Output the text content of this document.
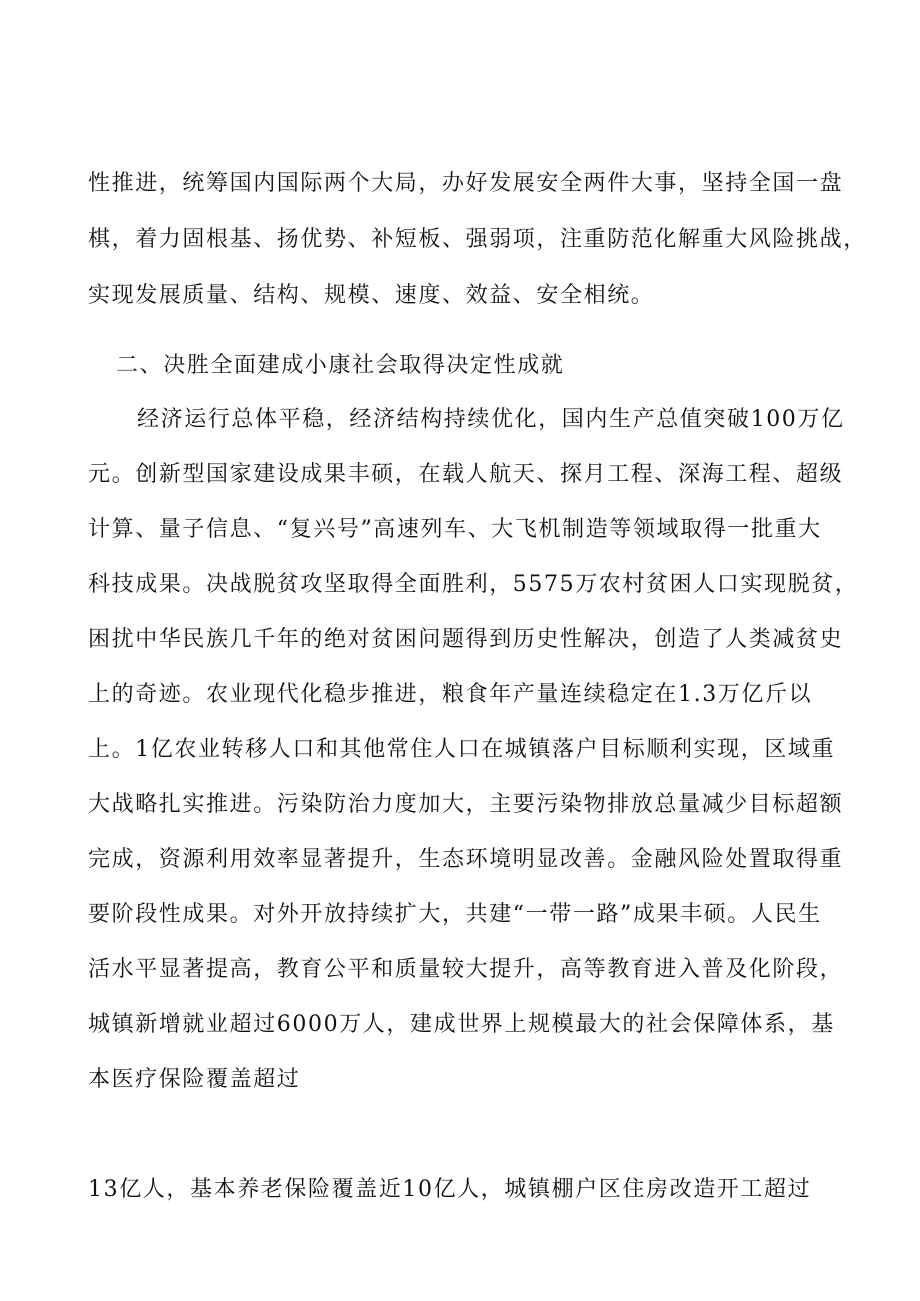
性推进，统筹国内国际两个大局，办好发展安全两件大事，坚持全国一盘
棋，着力固根基、扬优势、补短板、强弱项，注重防范化解重大风险挑战，
实现发展质量、结构、规模、速度、效益、安全相统。
二、决胜全面建成小康社会取得决定性成就
经济运行总体平稳，经济结构持续优化，国内生产总值突破100万亿
元。创新型国家建设成果丰硕，在载人航天、探月工程、深海工程、超级
计算、量子信息、“复兴号”高速列车、大飞机制造等领域取得一批重大
科技成果。决战脱贫攻坚取得全面胜利，5575万农村贫困人口实现脱贫，
困扰中华民族几千年的绝对贫困问题得到历史性解决，创造了人类减贫史
上的奇迹。农业现代化稳步推进，粮食年产量连续稳定在1.3万亿斤以
上。1亿农业转移人口和其他常住人口在城镇落户目标顺利实现，区域重
大战略扎实推进。污染防治力度加大，主要污染物排放总量减少目标超额
完成，资源利用效率显著提升，生态环境明显改善。金融风险处置取得重
要阶段性成果。对外开放持续扩大，共建“一带一路”成果丰硕。人民生
活水平显著提高，教育公平和质量较大提升，高等教育进入普及化阶段，
城镇新增就业超过6000万人，建成世界上规模最大的社会保障体系，基
本医疗保险覆盖超过
13亿人，基本养老保险覆盖近10亿人，城镇棚户区住房改造开工超过
